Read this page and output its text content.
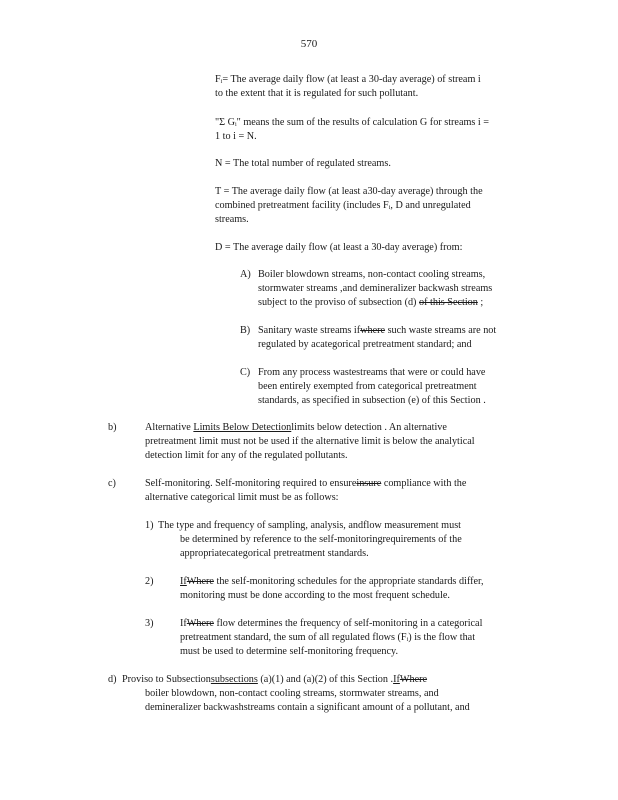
570
Fᵢ= The average daily flow (at least a 30-day average) of stream i
to the extent that it is regulated for such pollutant.
"Σ Gᵢ" means the sum of the results of calculation G for streams i =
1 to i = N.
N = The total number of regulated streams.
T = The average daily flow (at least a30-day average) through the
combined pretreatment facility (includes Fᵢ, D and unregulated
streams.
D = The average daily flow (at least a 30-day average) from:
A) Boiler blowdown streams, non-contact cooling streams,
stormwater streams ,and demineralizer backwash streams
subject to the proviso of subsection (d) of this Section ;
B) Sanitary waste streams ifwhere such waste streams are not
regulated by acategorical pretreatment standard; and
C) From any process wastestreams that were or could have
been entirely exempted from categorical pretreatment
standards, as specified in subsection (e) of this Section .
b)	Alternative Limits Below Detectionlimits below detection . An alternative
pretreatment limit must not be used if the alternative limit is below the analytical
detection limit for any of the regulated pollutants.
c)	Self-monitoring. Self-monitoring required to ensureinsure compliance with the
alternative categorical limit must be as follows:
1) The type and frequency of sampling, analysis, andflow measurement must
be determined by reference to the self-monitoringrequirements of the
appropriatecategorical pretreatment standards.
2)	IfWhere the self-monitoring schedules for the appropriate standards differ,
monitoring must be done according to the most frequent schedule.
3)	IfWhere flow determines the frequency of self-monitoring in a categorical
pretreatment standard, the sum of all regulated flows (Fᵢ) is the flow that
must be used to determine self-monitoring frequency.
d) Proviso to Subsectionsubsections (a)(1) and (a)(2) of this Section .IfWhere
boiler blowdown, non-contact cooling streams, stormwater streams, and
demineralizer backwashstreams contain a significant amount of a pollutant, and
